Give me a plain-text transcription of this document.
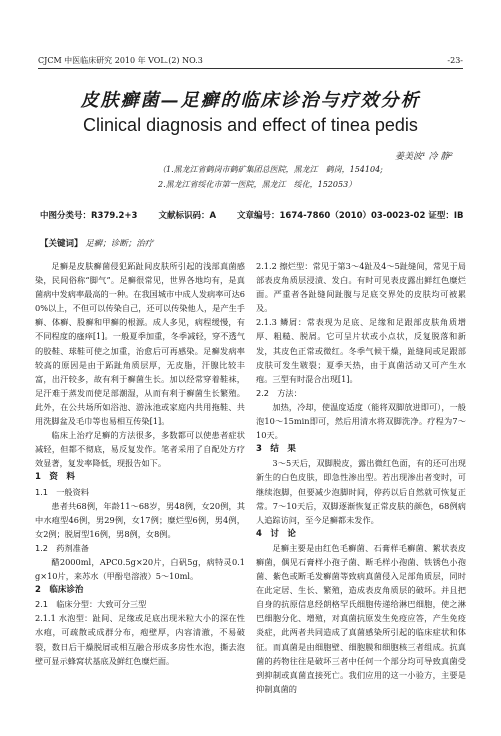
CJCM 中医临床研究 2010 年 VOL.(2) NO.3	-23-
皮肤癣菌—足癣的临床诊治与疗效分析
Clinical diagnosis and effect of tinea pedis
姜美波¹ 冷 静²
（1.黑龙江省鹤岗市鹤矿集团总医院，黑龙江　鹤岗，154104;
2.黑龙江省绥化市第一医院，黑龙江　绥化，152053）
中图分类号：R379.2+3 文献标识码：A 文章编号：1674-7860（2010）03-0023-02 证型：IB
【关键词】 足癣；诊断；治疗

足癣是皮肤癣菌侵犯跖趾间皮肤所引起的浅部真菌感染，民间俗称“脚气”。足癣很常见，世界各地均有，是真菌病中发病率最高的一种。在我国城市中成人发病率可达60%以上，不但可以传染自己，还可以传染他人，是产生手癣、体癣、股癣和甲癣的根源。成人多见，病程缓慢，有不同程度的瘙痒[1]。一般夏季加重，冬季减轻，穿不透气的胶鞋、球鞋可使之加重，治愈后可再感染。足癣发病率较高的原因是由于跖趾角质层厚，无皮脂，汗腺比较丰富，出汗较多，故有利于癣菌生长。加以经常穿着鞋袜，足汗难于蒸发而使足部潮湿，从而有利于癣菌生长繁殖。此外，在公共场所如浴池、游泳池或家庭内共用拖鞋、共用洗脚盆及毛巾等也易相互传染[1]。

临床上治疗足癣的方法很多，多数都可以使患者症状减轻，但都不彻底，易反复发作。笔者采用了自配处方疗效显著，复发率降低，现报告如下。

1　资　料

1.1　一般资料

患者共68例，年龄11～68岁，男48例，女20例，其中水疱型46例，男29例，女17例；糜烂型6例，男4例，女2例；脱屑型16例，男8例，女8例。

1.2　药剂准备

醋2000ml，APC0.5g×20片，白矾5g，病特灵0.1g×10片，来苏水（甲酚皂溶液）5～10ml。

2　临床诊治

2.1　临床分型：大致可分三型

2.1.1 水泡型：趾间、足缘或足底出现米粒大小的深在性水疱，可疏散或成群分布，疱壁厚，内容清澈，不易破裂，数日后干燥脱屑或相互融合形成多房性水泡，撕去泡壁可显示蜂窝状基底及鲜红色糜烂面。

2.1.2 擦烂型：常见于第3～4趾及4～5趾缝间，常见于局部表皮角质层浸渍、发白。有时可见表皮露出鲜红色糜烂面。严重者各趾缝间趾腹与足底交界处的皮肤均可被累及。

2.1.3 鳞屑：常表现为足底、足缘和足跟部皮肤角质增厚、粗糙、脱屑。它可呈片状或小点状，反复脱落和新发，其皮色正常或微红。冬季气候干燥，趾缝间或足跟部皮肤可发生皲裂；夏季天热，由于真菌活动又可产生水疱。三型有时混合出现[1]。

2.2　方法：

加热，冷却，使温度适度（能将双脚放进即可），一般泡10～15min即可，然后用清水将双脚洗净。疗程为7～10天。

3　结　果

3～5天后，双脚脱皮，露出微红色面，有的还可出现新生的白色皮肤，即急性渗出型。若出现渗出者变时，可继续泡脚，但要减少泡脚时间，停药以后自然就可恢复正常。7～10天后，双脚逐渐恢复正常皮肤的颜色，68例病人追踪访问，至今足癣都未发作。

4　讨　论

足癣主要是由红色毛癣菌、石膏样毛癣菌、絮状表皮癣菌，偶见石膏样小孢子菌、断毛样小孢菌、铁锈色小孢菌、紫色或断毛发癣菌等致病真菌侵入足部角质层，同时在此定居、生长、繁殖，造成表皮角质层的破坏。并且把自身的抗原信息经朗格罕氏细胞传递给淋巴细胞，使之淋巴细胞分化、增殖，对真菌抗原发生免疫应答，产生免疫炎症，此两者共同造成了真菌感染所引起的临床症状和体征。而真菌是由细胞壁、细胞膜和细胞核三者组成。抗真菌的药物往往是破坏三者中任何一个部分均可导致真菌受到抑制或真菌直接死亡。我们应用的这一小验方，主要是抑制真菌的
